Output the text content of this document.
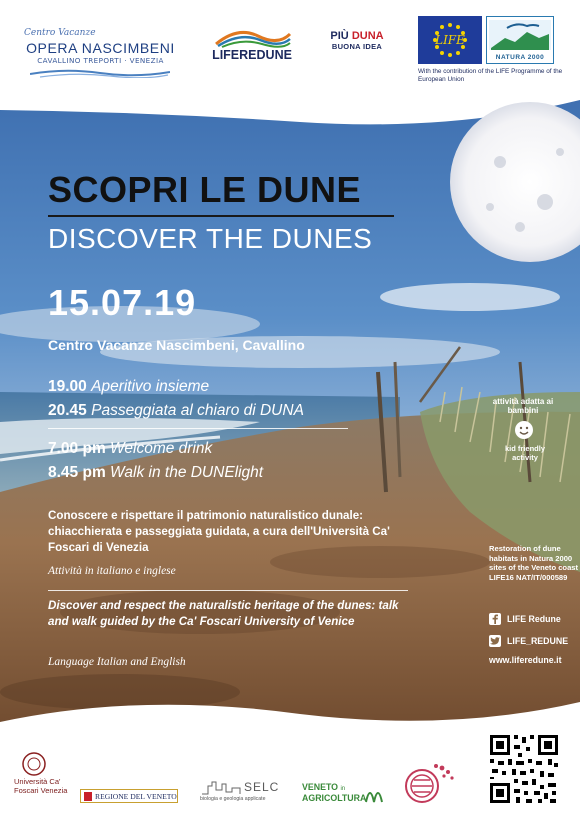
Centro Vacanze
OPERA NASCIMBENI
CAVALLINO TREPORTI · VENEZIA	LIFEREDUNE
PIÙ DUNA
BUONA IDEA	LIFE
NATURA 2000
With the contribution of the LIFE Programme of the European Union
SCOPRI LE DUNE
DISCOVER THE DUNES
15.07.19
Centro Vacanze Nascimbeni, Cavallino
19.00 Aperitivo insieme
20.45 Passeggiata al chiaro di DUNA
7.00 pm Welcome drink
8.45 pm Walk in the DUNElight
Conoscere e rispettare il patrimonio naturalistico dunale: chiacchierata e passeggiata guidata, a cura dell'Università Ca' Foscari di Venezia
Attività in italiano e inglese
Discover and respect the naturalistic heritage of the dunes: talk and walk guided by the Ca' Foscari University of Venice
Language Italian and English
attività adatta ai bambini
kid friendly activity
Restoration of dune habitats in Natura 2000 sites of the Veneto coast LIFE16 NAT/IT/000589
LIFE Redune
LIFE_REDUNE
www.liferedune.it
Università Ca' Foscari Venezia
REGIONE DEL VENETO
SELC
biologia e geologia applicate
VENETO in
AGRICOLTURA
